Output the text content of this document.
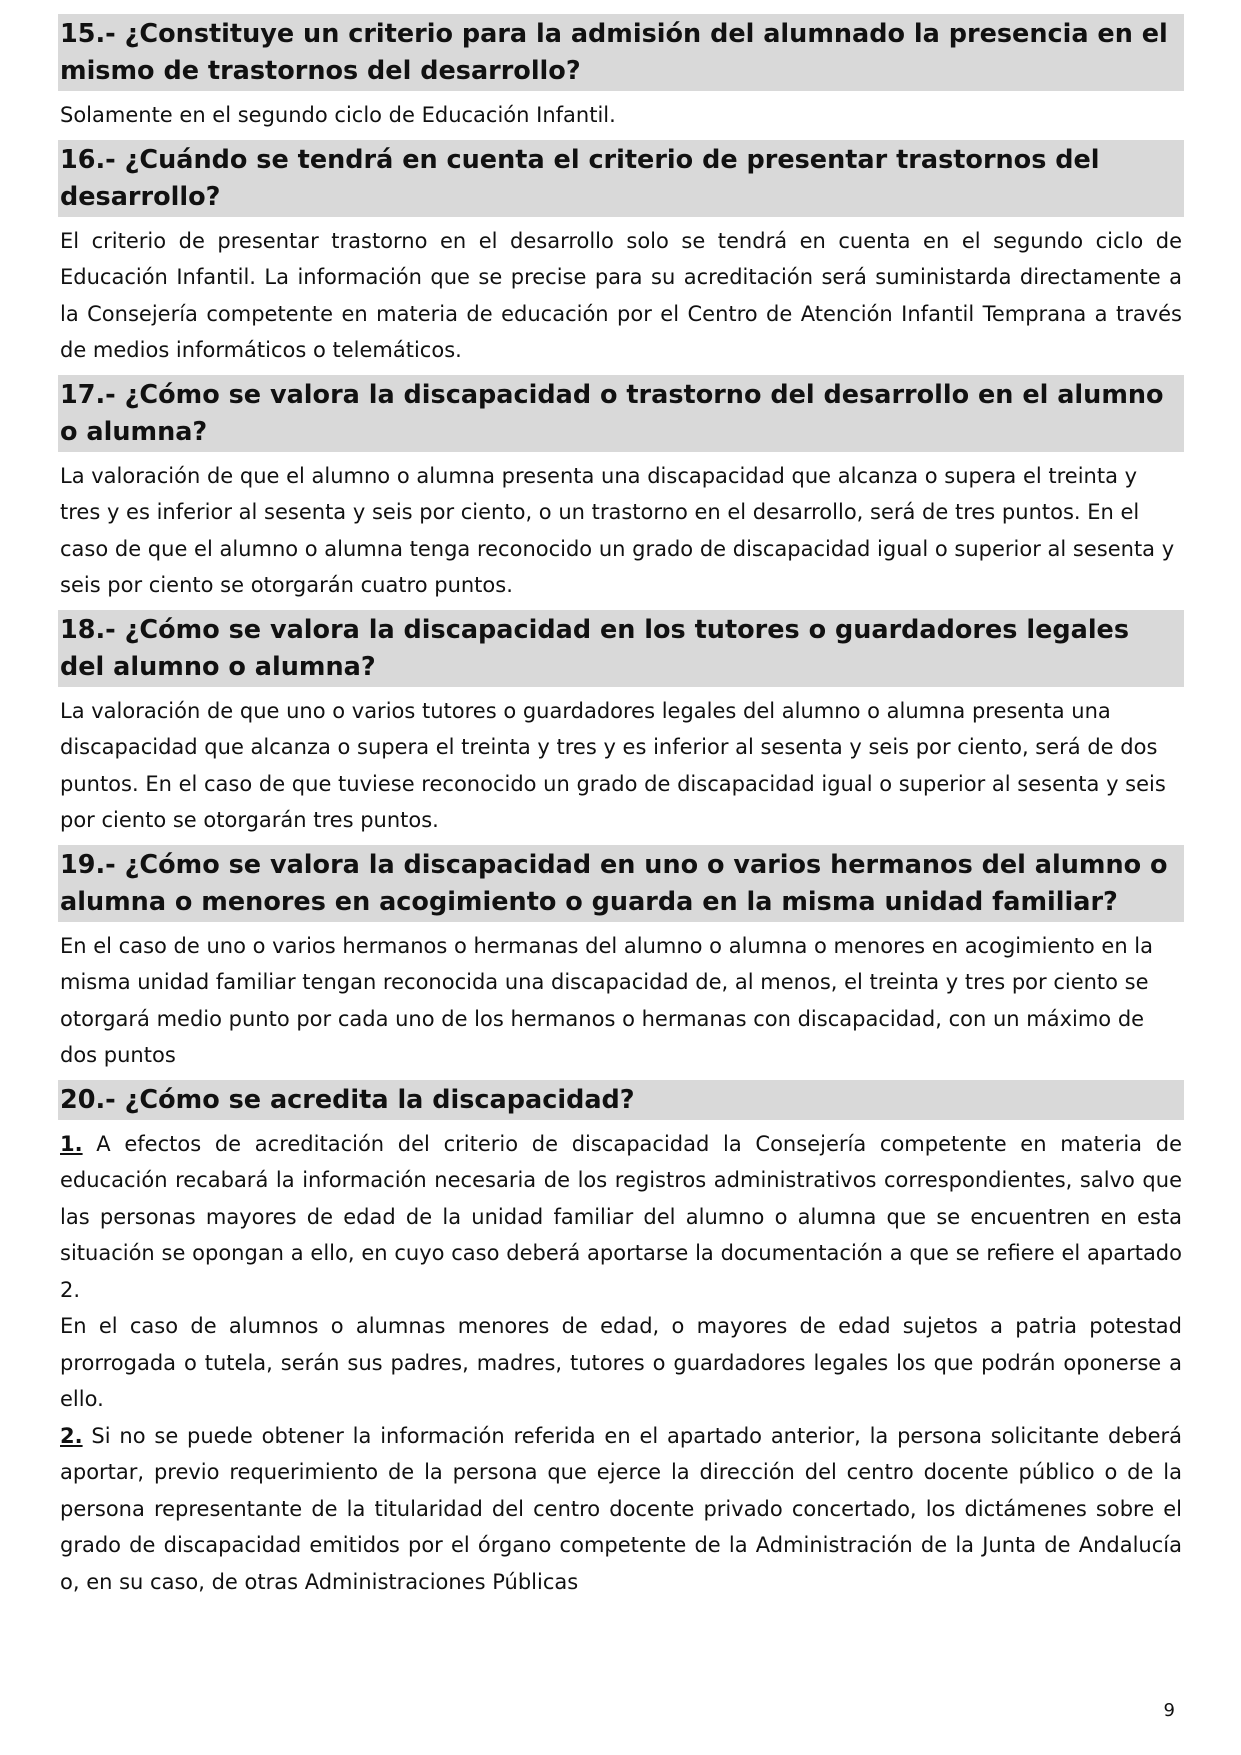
15.- ¿Constituye un criterio para la admisión del alumnado la presencia en el mismo de trastornos del desarrollo?
Solamente en el segundo ciclo de Educación Infantil.
16.- ¿Cuándo se tendrá en cuenta el criterio de presentar trastornos del desarrollo?
El criterio de presentar trastorno en el desarrollo solo se tendrá en cuenta en el segundo ciclo de Educación Infantil. La información que se precise para su acreditación será suministarda directamente a la Consejería competente en materia de educación por el Centro de Atención Infantil Temprana a través de medios informáticos o telemáticos.
17.- ¿Cómo se valora la discapacidad o trastorno del desarrollo en el alumno o alumna?
La valoración de que el alumno o alumna presenta una discapacidad que alcanza o supera el treinta y tres y es inferior al sesenta y seis por ciento, o un trastorno en el desarrollo, será de tres puntos. En el caso de que el alumno o alumna tenga reconocido un grado de discapacidad igual o superior al sesenta y seis por ciento se otorgarán cuatro puntos.
18.- ¿Cómo se valora la discapacidad en los tutores o guardadores legales del alumno o alumna?
La valoración de que uno o varios tutores o guardadores legales del alumno o alumna presenta una discapacidad que alcanza o supera el treinta y tres y es inferior al sesenta y seis por ciento, será de dos puntos. En el caso de que tuviese reconocido un grado de discapacidad igual o superior al sesenta y seis por ciento se otorgarán tres puntos.
19.- ¿Cómo se valora la discapacidad en uno o varios hermanos del alumno o alumna o menores en acogimiento o guarda en la misma unidad familiar?
En el caso de uno o varios hermanos o hermanas del alumno o alumna o menores en acogimiento en la misma unidad familiar tengan reconocida una discapacidad de, al menos, el treinta y tres por ciento se otorgará medio punto por cada uno de los hermanos o hermanas con discapacidad, con un máximo de dos puntos
20.- ¿Cómo se acredita la discapacidad?
1. A efectos de acreditación del criterio de discapacidad la Consejería competente en materia de educación recabará la información necesaria de los registros administrativos correspondientes, salvo que las personas mayores de edad de la unidad familiar del alumno o alumna que se encuentren en esta situación se opongan a ello, en cuyo caso deberá aportarse la documentación a que se refiere el apartado 2.
En el caso de alumnos o alumnas menores de edad, o mayores de edad sujetos a patria potestad prorrogada o tutela, serán sus padres, madres, tutores o guardadores legales los que podrán oponerse a ello.
2. Si no se puede obtener la información referida en el apartado anterior, la persona solicitante deberá aportar, previo requerimiento de la persona que ejerce la dirección del centro docente público o de la persona representante de la titularidad del centro docente privado concertado, los dictámenes sobre el grado de discapacidad emitidos por el órgano competente de la Administración de la Junta de Andalucía o, en su caso, de otras Administraciones Públicas
9
